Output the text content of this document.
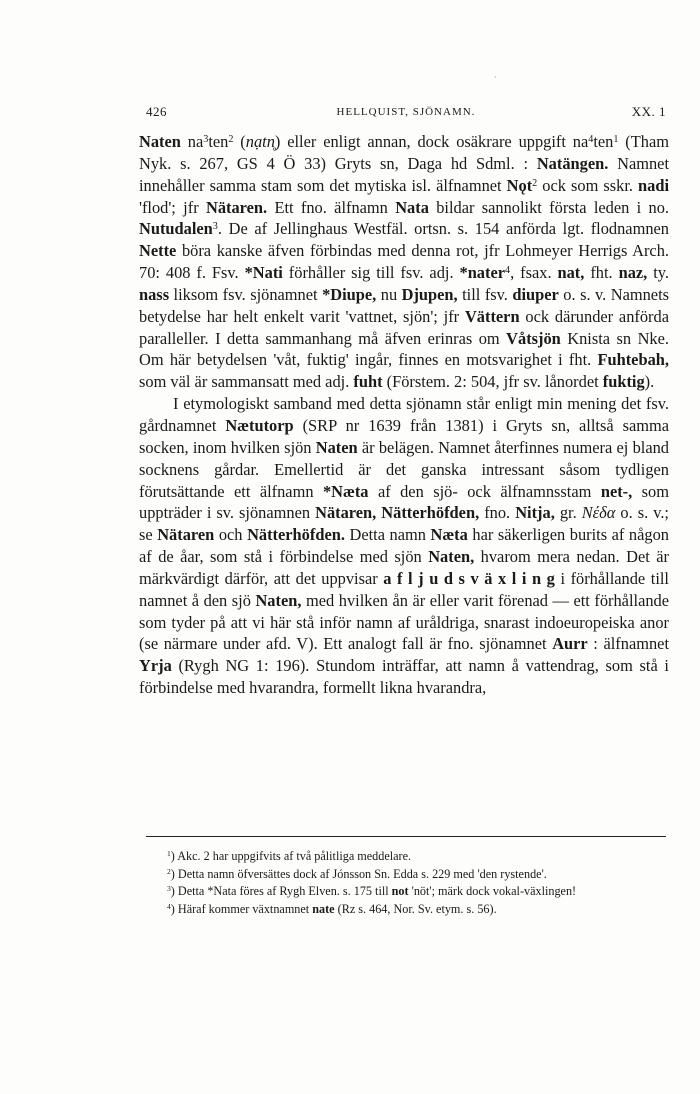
·
426	HELLQUIST, SJÖNAMN.	XX. 1

Naten $na^3ten^2$ (nạtn̥) eller enligt annan, dock osäkrare uppgift $na^4ten^1$ (Tham Nyk. s. 267, GS 4 Ö 33) Gryts sn, Daga hd Sdml. : Natängen. Namnet innehåller samma stam som det mytiska isl. älfnamnet Nǫt$^2$ ock som sskr. nadi 'flod'; jfr Nätaren. Ett fno. älfnamn Nata bildar sannolikt första leden i no. Nutudalen$^3$. De af Jellinghaus Westfäl. ortsn. s. 154 anförda lgt. flodnamnen Nette böra kanske äfven förbindas med denna rot, jfr Lohmeyer Herrigs Arch. 70: 408 f. Fsv. *Nati förhåller sig till fsv. adj. *nater$^4$, fsax. nat, fht. naz, ty. nass liksom fsv. sjönamnet *Diupe, nu Djupen, till fsv. diuper o. s. v. Namnets betydelse har helt enkelt varit 'vattnet, sjön'; jfr Vättern ock därunder anförda paralleller. I detta sammanhang må äfven erinras om Våtsjön Knista sn Nke. Om här betydelsen 'våt, fuktig' ingår, finnes en motsvarighet i fht. Fuhtebah, som väl är sammansatt med adj. fuht (Förstem. 2: 504, jfr sv. lånordet fuktig).

I etymologiskt samband med detta sjönamn står enligt min mening det fsv. gårdnamnet Nætutorp (SRP nr 1639 från 1381) i Gryts sn, alltså samma socken, inom hvilken sjön Naten är belägen. Namnet återfinnes numera ej bland socknens gårdar. Emellertid är det ganska intressant såsom tydligen förutsättande ett älfnamn *Næta af den sjö- ock älfnamnsstam net-, som uppträder i sv. sjönamnen Nätaren, Nätterhöfden, fno. Nitja, gr. Νέδα o. s. v.; se Nätaren och Nätterhöfden. Detta namn Næta har säkerligen burits af någon af de åar, som stå i förbindelse med sjön Naten, hvarom mera nedan. Det är märkvärdigt därför, att det uppvisar a f l j u d s v ä x l i n g i förhållande till namnet å den sjö Naten, med hvilken ån är eller varit förenad — ett förhållande som tyder på att vi här stå inför namn af uråldriga, snarast indoeuropeiska anor (se närmare under afd. V). Ett analogt fall är fno. sjönamnet Aurr : älfnamnet Yrja (Rygh NG 1: 196). Stundom inträffar, att namn å vattendrag, som stå i förbindelse med hvarandra, formellt likna hvarandra,

$^1$) Akc. 2 har uppgifvits af två pålitliga meddelare.

$^2$) Detta namn öfversättes dock af Jónsson Sn. Edda s. 229 med 'den rystende'.

$^3$) Detta *Nata föres af Rygh Elven. s. 175 till not 'nöt'; märk dock vokal-växlingen!

$^4$) Häraf kommer växtnamnet nate (Rz s. 464, Nor. Sv. etym. s. 56).
